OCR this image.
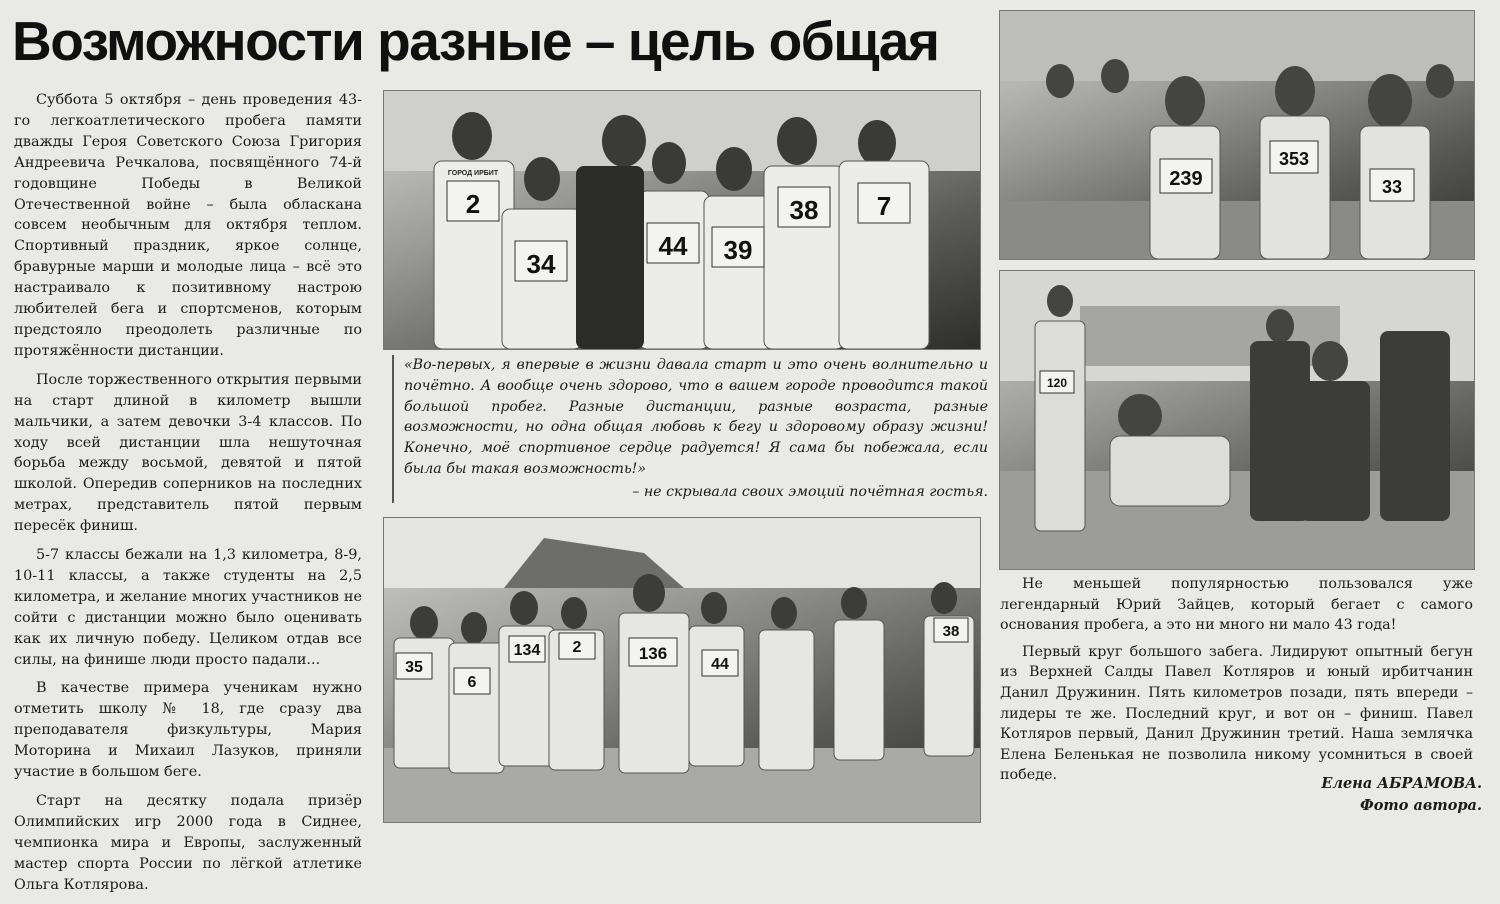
Возможности разные – цель общая

Суббота 5 октября – день проведения 43-го легкоатлетического пробега памяти дважды Героя Советского Союза Григория Андреевича Речкалова, посвящённого 74-й годовщине Победы в Великой Отечественной войне – была обласкана совсем необычным для октября теплом. Спортивный праздник, яркое солнце, бравурные марши и молодые лица – всё это настраивало к позитивному настрою любителей бега и спортсменов, которым предстояло преодолеть различные по протяжённости дистанции.

После торжественного открытия первыми на старт длиной в километр вышли мальчики, а затем девочки 3-4 классов. По ходу всей дистанции шла нешуточная борьба между восьмой, девятой и пятой школой. Опередив соперников на последних метрах, представитель пятой первым пересёк финиш.

5-7 классы бежали на 1,3 километра, 8-9, 10-11 классы, а также студенты на 2,5 километра, и желание многих участников не сойти с дистанции можно было оценивать как их личную победу. Целиком отдав все силы, на финише люди просто падали...

В качестве примера ученикам нужно отметить школу № 18, где сразу два преподавателя физкультуры, Мария Моторина и Михаил Лазуков, приняли участие в большом беге.

Старт на десятку подала призёр Олимпийских игр 2000 года в Сиднее, чемпионка мира и Европы, заслуженный мастер спорта России по лёгкой атлетике Ольга Котлярова.

2
34
44 39
38 7
ГОРОД ИРБИТ
«Во-первых, я впервые в жизни давала старт и это очень волнительно и почётно. А вообще очень здорово, что в вашем городе проводится такой большой пробег. Разные дистанции, разные возраста, разные возможности, но одна общая любовь к бегу и здоровому образу жизни! Конечно, моё спортивное сердце радуется! Я сама бы побежала, если была бы такая возможность!»
– не скрывала своих эмоций почётная гостья.
35
6
134 2	136
44
38
239
353
33
120

Не меньшей популярностью пользовался уже легендарный Юрий Зайцев, который бегает с самого основания пробега, а это ни много ни мало 43 года!

Первый круг большого забега. Лидируют опытный бегун из Верхней Салды Павел Котляров и юный ирбитчанин Данил Дружинин. Пять километров позади, пять впереди – лидеры те же. Последний круг, и вот он – финиш. Павел Котляров первый, Данил Дружинин третий. Наша землячка Елена Беленькая не позволила никому усомниться в своей победе.	Елена АБРАМОВА.
Фото автора.
